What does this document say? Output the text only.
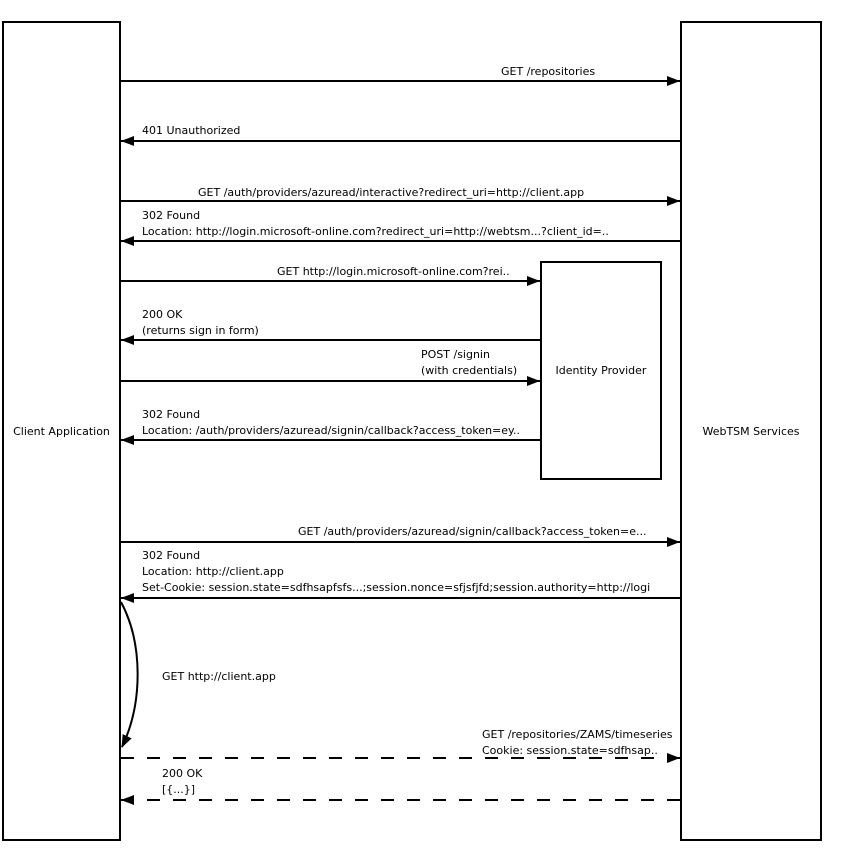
Client Application	WebTSM Services
GET /repositories
401 Unauthorized
GET /auth/providers/azuread/interactive?redirect_uri=http://client.app
302 Found
Location: http://login.microsoft-online.com?redirect_uri=http://webtsm...?client_id=..
Identity Provider
GET http://login.microsoft-online.com?rei..
200 OK
(returns sign in form)
POST /signin
(with credentials)
302 Found
Location: /auth/providers/azuread/signin/callback?access_token=ey..
GET /auth/providers/azuread/signin/callback?access_token=e...
302 Found
Location: http://client.app
Set-Cookie: session.state=sdfhsapfsfs...;session.nonce=sfjsfjfd;session.authority=http://logi
GET http://client.app
GET /repositories/ZAMS/timeseries
Cookie: session.state=sdfhsap..
200 OK
[{...}]
